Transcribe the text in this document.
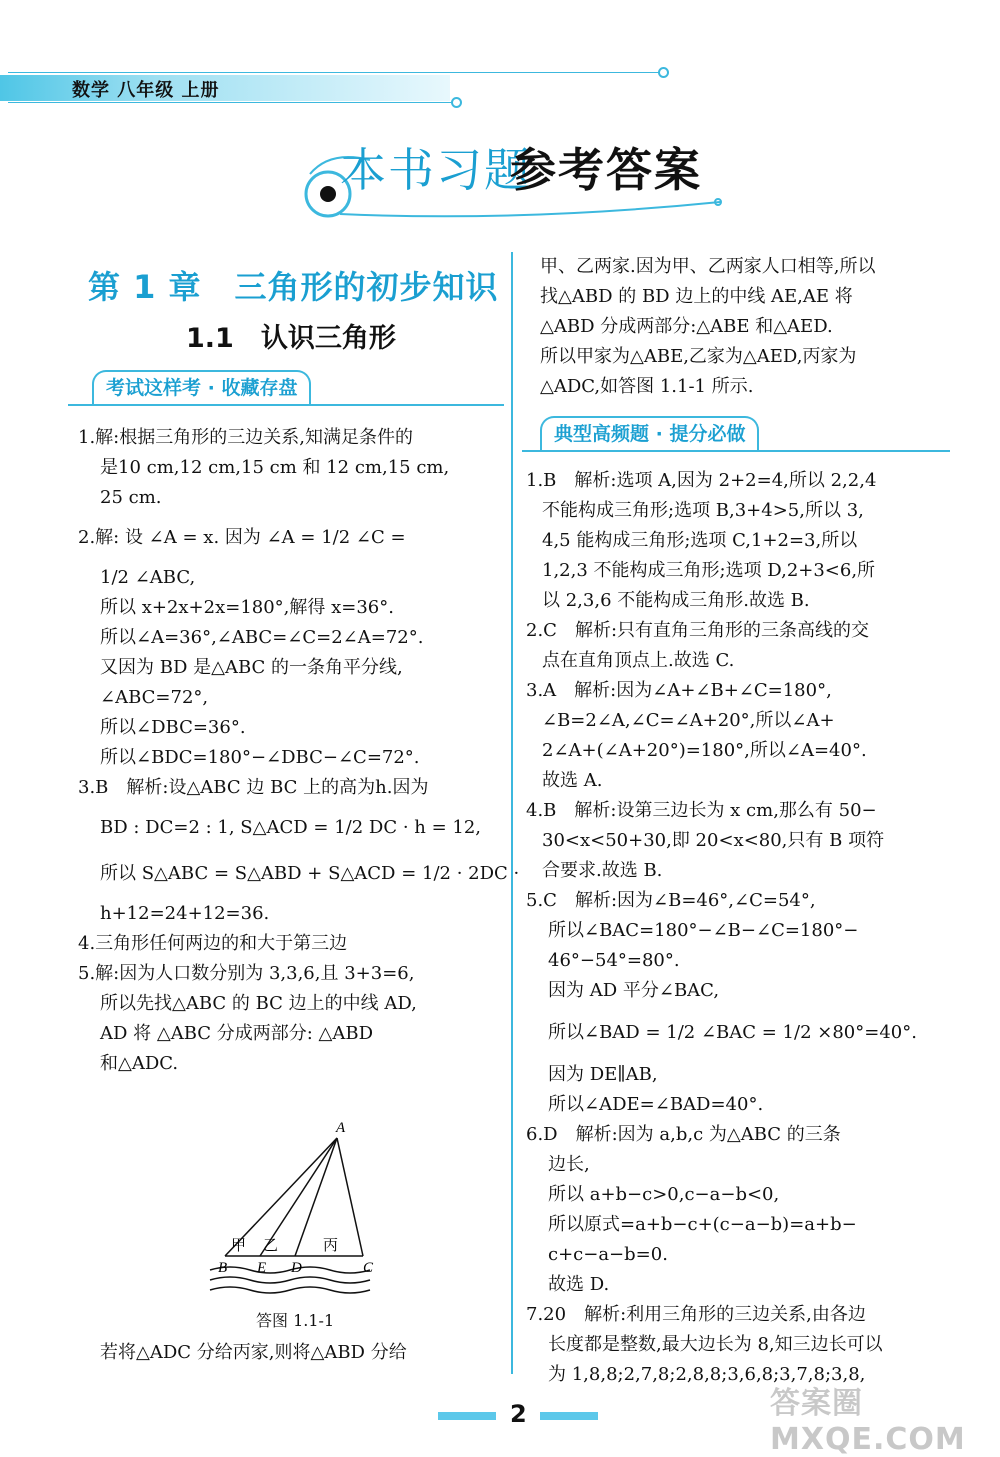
数学 八年级 上册
本书习题
参考答案
第 1 章　三角形的初步知识
1.1　认识三角形
考试这样考 · 收藏存盘

1.解:根据三角形的三边关系,知满足条件的

是10 cm,12 cm,15 cm 和 12 cm,15 cm,

25 cm.

2.解: 设 ∠A = x. 因为 ∠A = 1/2 ∠C =

1/2 ∠ABC,

所以 x+2x+2x=180°,解得 x=36°.

所以∠A=36°,∠ABC=∠C=2∠A=72°.

又因为 BD 是△ABC 的一条角平分线,

∠ABC=72°,

所以∠DBC=36°.

所以∠BDC=180°−∠DBC−∠C=72°.

3.B　解析:设△ABC 边 BC 上的高为h.因为

BD : DC=2 : 1, S△ACD = 1/2 DC · h = 12,

所以 S△ABC = S△ABD + S△ACD = 1/2 · 2DC ·

h+12=24+12=36.

4.三角形任何两边的和大于第三边

5.解:因为人口数分别为 3,3,6,且 3+3=6,

所以先找△ABC 的 BC 边上的中线 AD,

AD 将 △ABC 分成两部分: △ABD

和△ADC.

A
B E D	C
甲 乙	丙
答图 1.1-1
若将△ADC 分给丙家,则将△ABD 分给

甲、乙两家.因为甲、乙两家人口相等,所以

找△ABD 的 BD 边上的中线 AE,AE 将

△ABD 分成两部分:△ABE 和△AED.

所以甲家为△ABE,乙家为△AED,丙家为

△ADC,如答图 1.1-1 所示.

典型高频题 · 提分必做

1.B　解析:选项 A,因为 2+2=4,所以 2,2,4

不能构成三角形;选项 B,3+4>5,所以 3,

4,5 能构成三角形;选项 C,1+2=3,所以

1,2,3 不能构成三角形;选项 D,2+3<6,所

以 2,3,6 不能构成三角形.故选 B.

2.C　解析:只有直角三角形的三条高线的交

点在直角顶点上.故选 C.

3.A　解析:因为∠A+∠B+∠C=180°,

∠B=2∠A,∠C=∠A+20°,所以∠A+

2∠A+(∠A+20°)=180°,所以∠A=40°.

故选 A.

4.B　解析:设第三边长为 x cm,那么有 50−

30<x<50+30,即 20<x<80,只有 B 项符

合要求.故选 B.

5.C　解析:因为∠B=46°,∠C=54°,

所以∠BAC=180°−∠B−∠C=180°−

46°−54°=80°.

因为 AD 平分∠BAC,

所以∠BAD = 1/2 ∠BAC = 1/2 ×80°=40°.

因为 DE∥AB,

所以∠ADE=∠BAD=40°.

6.D　解析:因为 a,b,c 为△ABC 的三条

边长,

所以 a+b−c>0,c−a−b<0,

所以原式=a+b−c+(c−a−b)=a+b−

c+c−a−b=0.

故选 D.

7.20　解析:利用三角形的三边关系,由各边

长度都是整数,最大边长为 8,知三边长可以

为 1,8,8;2,7,8;2,8,8;3,6,8;3,7,8;3,8,

2	答案圈 MXQE.COM
